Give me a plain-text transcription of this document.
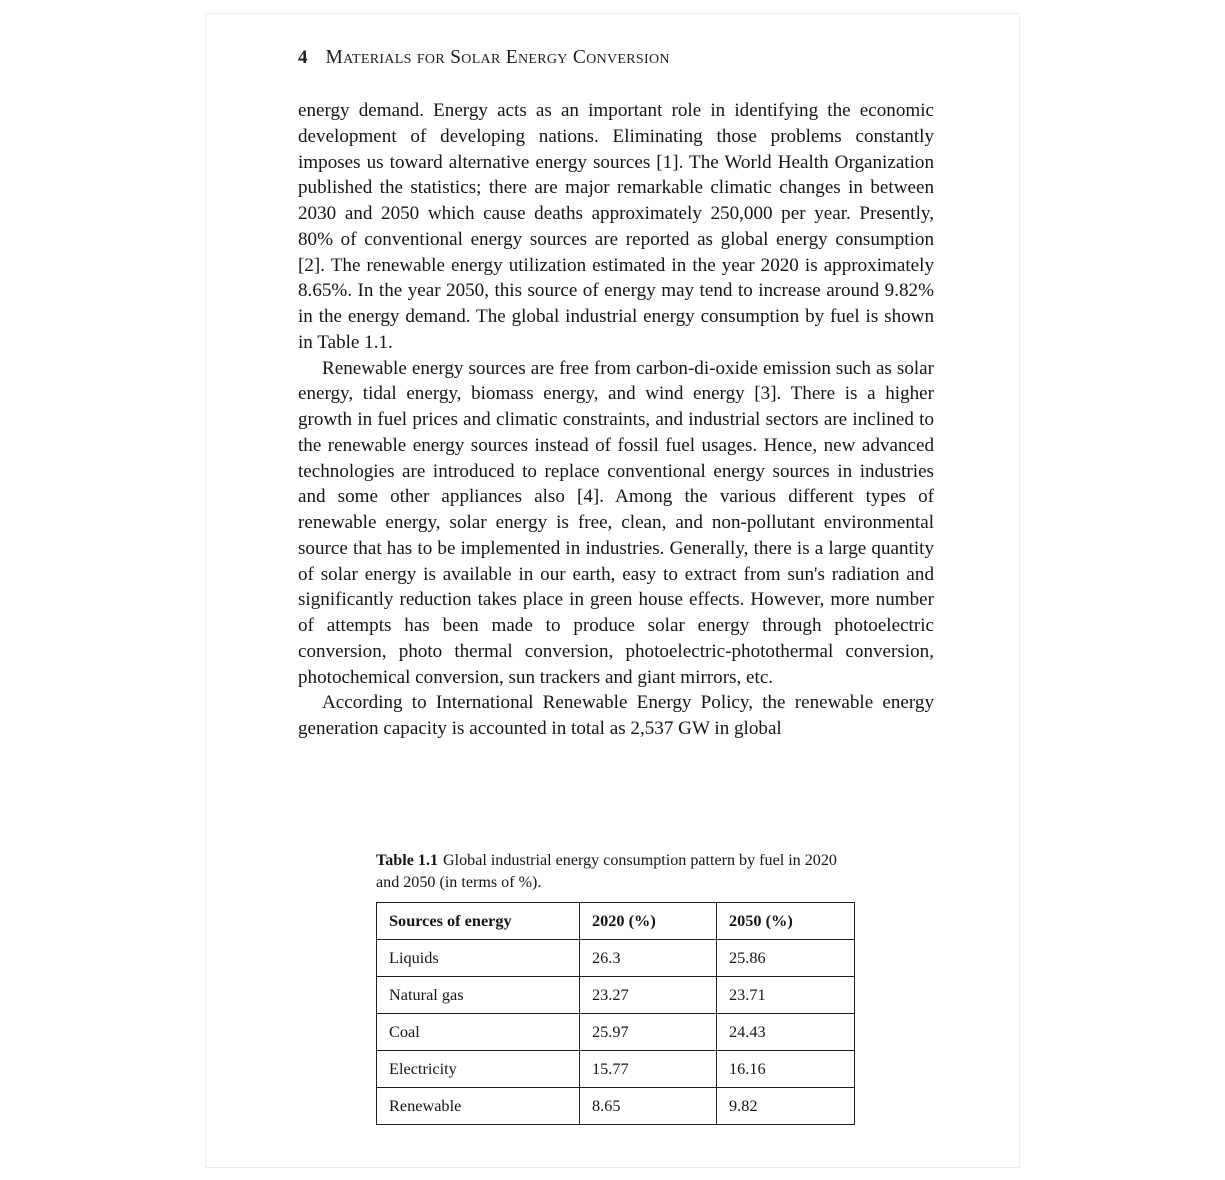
4 Materials for Solar Energy Conversion

energy demand. Energy acts as an important role in identifying the economic development of developing nations. Eliminating those problems constantly imposes us toward alternative energy sources [1]. The World Health Organization published the statistics; there are major remarkable climatic changes in between 2030 and 2050 which cause deaths approximately 250,000 per year. Presently, 80% of conventional energy sources are reported as global energy consumption [2]. The renewable energy utilization estimated in the year 2020 is approximately 8.65%. In the year 2050, this source of energy may tend to increase around 9.82% in the energy demand. The global industrial energy consumption by fuel is shown in Table 1.1.

Renewable energy sources are free from carbon-di-oxide emission such as solar energy, tidal energy, biomass energy, and wind energy [3]. There is a higher growth in fuel prices and climatic constraints, and industrial sectors are inclined to the renewable energy sources instead of fossil fuel usages. Hence, new advanced technologies are introduced to replace conventional energy sources in industries and some other appliances also [4]. Among the various different types of renewable energy, solar energy is free, clean, and non-pollutant environmental source that has to be implemented in industries. Generally, there is a large quantity of solar energy is available in our earth, easy to extract from sun's radiation and significantly reduction takes place in green house effects. However, more number of attempts has been made to produce solar energy through photoelectric conversion, photo thermal conversion, photoelectric-photothermal conversion, photochemical conversion, sun trackers and giant mirrors, etc.

According to International Renewable Energy Policy, the renewable energy generation capacity is accounted in total as 2,537 GW in global

Table 1.1 Global industrial energy consumption pattern by fuel in 2020 and 2050 (in terms of %).
Sources of energy	2020 (%)	2050 (%)
Liquids	26.3	25.86
Natural gas	23.27	23.71
Coal	25.97	24.43
Electricity	15.77	16.16
Renewable	8.65	9.82
